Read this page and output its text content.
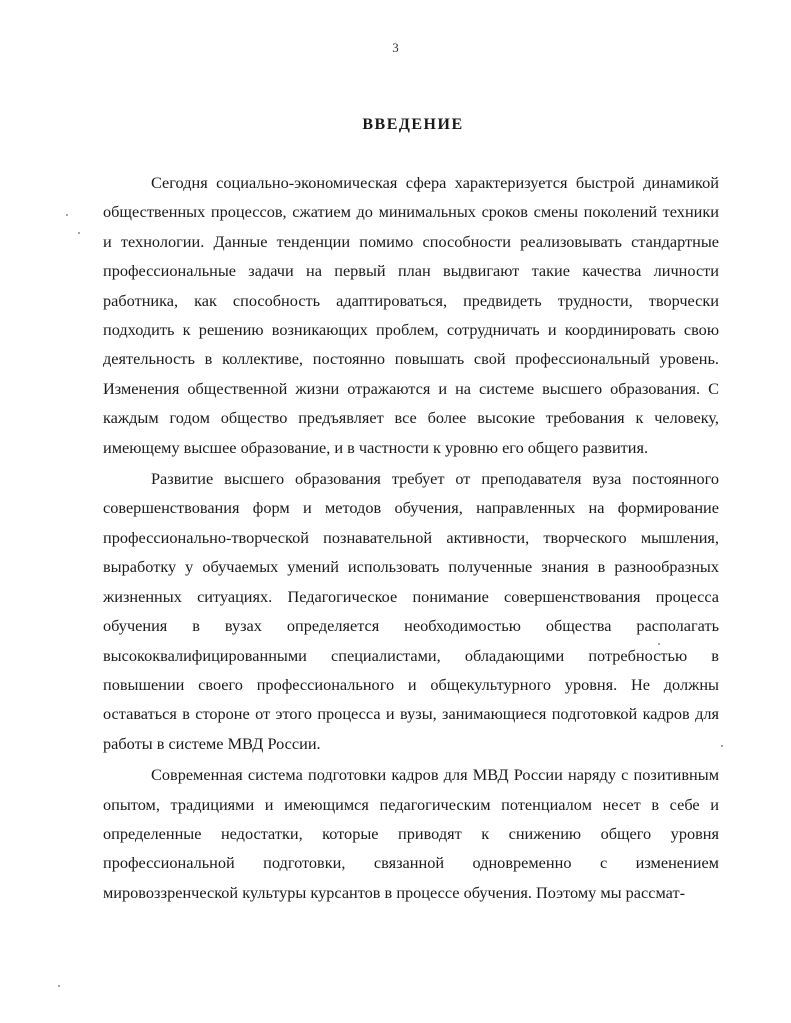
3
ВВЕДЕНИЕ

Сегодня социально-экономическая сфера характеризуется быстрой динамикой общественных процессов, сжатием до минимальных сроков смены поколений техники и технологии. Данные тенденции помимо способности реализовывать стандартные профессиональные задачи на первый план выдвигают такие качества личности работника, как способность адаптироваться, предвидеть трудности, творчески подходить к решению возникающих проблем, сотрудничать и координировать свою деятельность в коллективе, постоянно повышать свой профессиональный уровень. Изменения общественной жизни отражаются и на системе высшего образования. С каждым годом общество предъявляет все более высокие требования к человеку, имеющему высшее образование, и в частности к уровню его общего развития.

Развитие высшего образования требует от преподавателя вуза постоянного совершенствования форм и методов обучения, направленных на формирование профессионально-творческой познавательной активности, творческого мышления, выработку у обучаемых умений использовать полученные знания в разнообразных жизненных ситуациях. Педагогическое понимание совершенствования процесса обучения в вузах определяется необходимостью общества располагать высококвалифицированными специалистами, обладающими потребностью в повышении своего профессионального и общекультурного уровня. Не должны оставаться в стороне от этого процесса и вузы, занимающиеся подготовкой кадров для работы в системе МВД России.

Современная система подготовки кадров для МВД России наряду с позитивным опытом, традициями и имеющимся педагогическим потенциалом несет в себе и определенные недостатки, которые приводят к снижению общего уровня профессиональной подготовки, связанной одновременно с изменением мировоззренческой культуры курсантов в процессе обучения. Поэтому мы рассмат-
